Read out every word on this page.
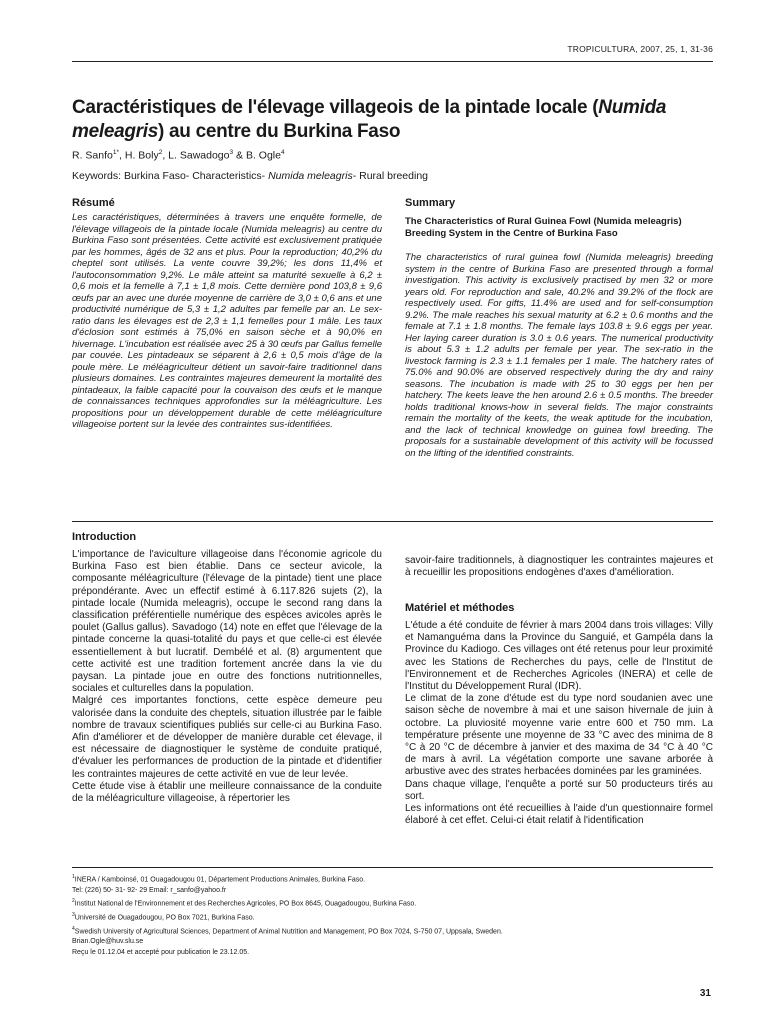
TROPICULTURA, 2007, 25, 1, 31-36
Caractéristiques de l'élevage villageois de la pintade locale (Numida meleagris) au centre du Burkina Faso

R. Sanfo$^{1*}$, H. Boly$^2$, L. Sawadogo$^3$ & B. Ogle$^4$

Keywords: Burkina Faso- Characteristics- Numida meleagris- Rural breeding

Résumé

Les caractéristiques, déterminées à travers une enquête formelle, de l'élevage villageois de la pintade locale (Numida meleagris) au centre du Burkina Faso sont présentées. Cette activité est exclusivement pratiquée par les hommes, âgés de 32 ans et plus. Pour la reproduction; 40,2% du cheptel sont utilisés. La vente couvre 39,2%; les dons 11,4% et l'autoconsommation 9,2%. Le mâle atteint sa maturité sexuelle à 6,2 ± 0,6 mois et la femelle à 7,1 ± 1,8 mois. Cette dernière pond 103,8 ± 9,6 œufs par an avec une durée moyenne de carrière de 3,0 ± 0,6 ans et une productivité numérique de 5,3 ± 1,2 adultes par femelle par an. Le sex-ratio dans les élevages est de 2,3 ± 1,1 femelles pour 1 mâle. Les taux d'éclosion sont estimés à 75,0% en saison sèche et à 90,0% en hivernage. L'incubation est réalisée avec 25 à 30 œufs par Gallus femelle par couvée. Les pintadeaux se séparent à 2,6 ± 0,5 mois d'âge de la poule mère. Le méléagriculteur détient un savoir-faire traditionnel dans plusieurs domaines. Les contraintes majeures demeurent la mortalité des pintadeaux, la faible capacité pour la couvaison des œufs et le manque de connaissances techniques approfondies sur la méléagriculture. Les propositions pour un développement durable de cette méléagriculture villageoise portent sur la levée des contraintes sus-identifiées.

Summary

The Characteristics of Rural Guinea Fowl (Numida meleagris) Breeding System in the Centre of Burkina Faso

The characteristics of rural guinea fowl (Numida meleagris) breeding system in the centre of Burkina Faso are presented through a formal investigation. This activity is exclusively practised by men 32 or more years old. For reproduction and sale, 40.2% and 39.2% of the flock are respectively used. For gifts, 11.4% are used and for self-consumption 9.2%. The male reaches his sexual maturity at 6.2 ± 0.6 months and the female at 7.1 ± 1.8 months. The female lays 103.8 ± 9.6 eggs per year. Her laying career duration is 3.0 ± 0.6 years. The numerical productivity is about 5.3 ± 1.2 adults per female per year. The sex-ratio in the livestock farming is 2.3 ± 1.1 females per 1 male. The hatchery rates of 75.0% and 90.0% are observed respectively during the dry and rainy seasons. The incubation is made with 25 to 30 eggs per hen per hatchery. The keets leave the hen around 2.6 ± 0.5 months. The breeder holds traditional knows-how in several fields. The major constraints remain the mortality of the keets, the weak aptitude for the incubation, and the lack of technical knowledge on guinea fowl breeding. The proposals for a sustainable development of this activity will be focussed on the lifting of the identified constraints.

Introduction

L'importance de l'aviculture villageoise dans l'économie agricole du Burkina Faso est bien établie. Dans ce secteur avicole, la composante méléagriculture (l'élevage de la pintade) tient une place prépondérante. Avec un effectif estimé à 6.117.826 sujets (2), la pintade locale (Numida meleagris), occupe le second rang dans la classification préférentielle numérique des espèces avicoles après le poulet (Gallus gallus). Savadogo (14) note en effet que l'élevage de la pintade concerne la quasi-totalité du pays et que celle-ci est élevée essentiellement à but lucratif. Dembélé et al. (8) argumentent que cette activité est une tradition fortement ancrée dans la vie du paysan. La pintade joue en outre des fonctions nutritionnelles, sociales et culturelles dans la population.

Malgré ces importantes fonctions, cette espèce demeure peu valorisée dans la conduite des cheptels, situation illustrée par le faible nombre de travaux scientifiques publiés sur celle-ci au Burkina Faso. Afin d'améliorer et de développer de manière durable cet élevage, il est nécessaire de diagnostiquer le système de conduite pratiqué, d'évaluer les performances de production de la pintade et d'identifier les contraintes majeures de cette activité en vue de leur levée.

Cette étude vise à établir une meilleure connaissance de la conduite de la méléagriculture villageoise, à répertorier les

savoir-faire traditionnels, à diagnostiquer les contraintes majeures et à recueillir les propositions endogènes d'axes d'amélioration.

Matériel et méthodes

L'étude a été conduite de février à mars 2004 dans trois villages: Villy et Namanguéma dans la Province du Sanguié, et Gampéla dans la Province du Kadiogo. Ces villages ont été retenus pour leur proximité avec les Stations de Recherches du pays, celle de l'Institut de l'Environnement et de Recherches Agricoles (INERA) et celle de l'Institut du Développement Rural (IDR).

Le climat de la zone d'étude est du type nord soudanien avec une saison sèche de novembre à mai et une saison hivernale de juin à octobre. La pluviosité moyenne varie entre 600 et 750 mm. La température présente une moyenne de 33 °C avec des minima de 8 °C à 20 °C de décembre à janvier et des maxima de 34 °C à 40 °C de mars à avril. La végétation comporte une savane arborée à arbustive avec des strates herbacées dominées par les graminées.

Dans chaque village, l'enquête a porté sur 50 producteurs tirés au sort.

Les informations ont été recueillies à l'aide d'un questionnaire formel élaboré à cet effet. Celui-ci était relatif à l'identification

$^1$INERA / Kamboinsé, 01 Ouagadougou 01, Département Productions Animales, Burkina Faso.
Tel: (226) 50- 31- 92- 29 Email: r_sanfo@yahoo.fr
$^2$Institut National de l'Environnement et des Recherches Agricoles, PO Box 8645, Ouagadougou, Burkina Faso.
$^3$Université de Ouagadougou, PO Box 7021, Burkina Faso.
$^4$Swedish University of Agricultural Sciences, Department of Animal Nutrition and Management, PO Box 7024, S-750 07, Uppsala, Sweden.
Brian.Ogle@huv.slu.se
Reçu le 01.12.04 et accepté pour publication le 23.12.05.
31
